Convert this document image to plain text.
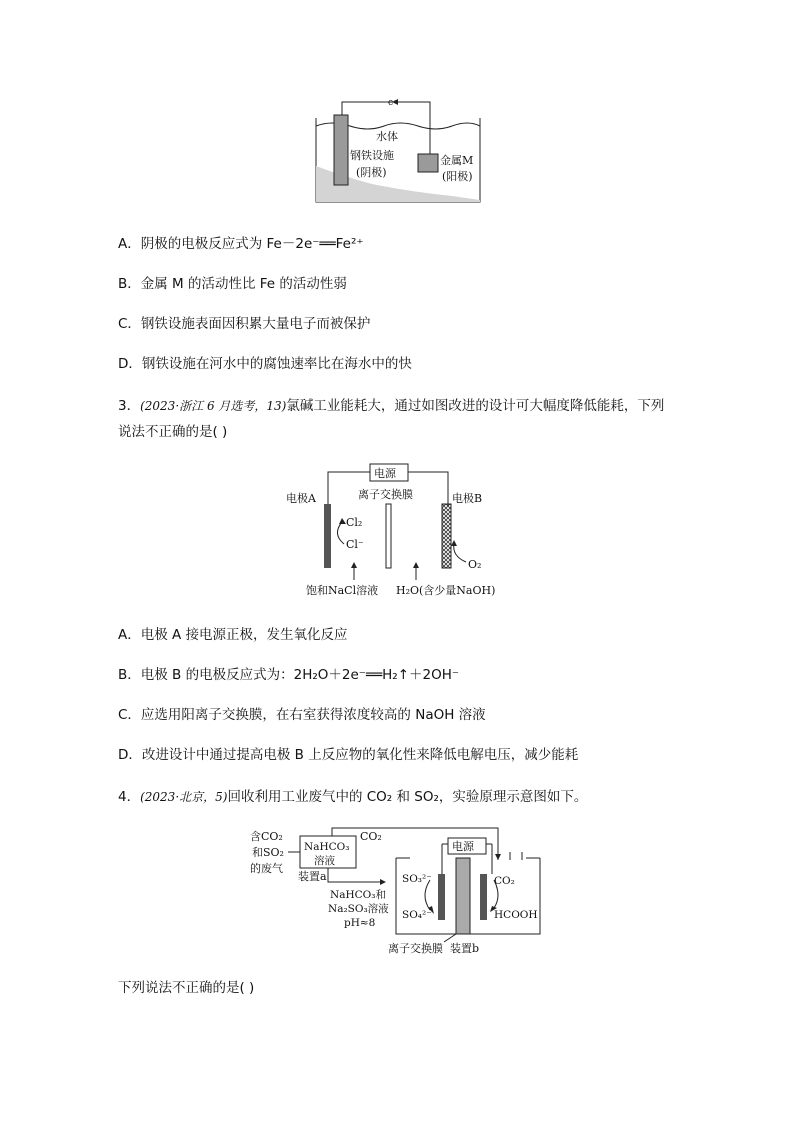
e⁻
水体
钢铁设施
(阴极)
金属M
(阳极)
A．阴极的电极反应式为 Fe－2e⁻══Fe²⁺
B．金属 M 的活动性比 Fe 的活动性弱
C．钢铁设施表面因积累大量电子而被保护
D．钢铁设施在河水中的腐蚀速率比在海水中的快
3．(2023·浙江 6 月选考，13)氯碱工业能耗大，通过如图改进的设计可大幅度降低能耗，下列
说法不正确的是( )
电源
离子交换膜
电极A	电极B
Cl₂
Cl⁻
O₂
饱和NaCl溶液 H₂O(含少量NaOH)
A．电极 A 接电源正极，发生氧化反应
B．电极 B 的电极反应式为：2H₂O＋2e⁻══H₂↑＋2OH⁻
C．应选用阳离子交换膜，在右室获得浓度较高的 NaOH 溶液
D．改进设计中通过提高电极 B 上反应物的氧化性来降低电解电压，减少能耗
4．(2023·北京，5)回收利用工业废气中的 CO₂ 和 SO₂，实验原理示意图如下。
含CO₂
和SO₂
的废气
NaHCO₃
溶液
装置a
CO₂
电源
SO₃²⁻
SO₄²⁻
CO₂
HCOOH
NaHCO₃和
Na₂SO₃溶液
pH≈8
离子交换膜 装置b
下列说法不正确的是( )
